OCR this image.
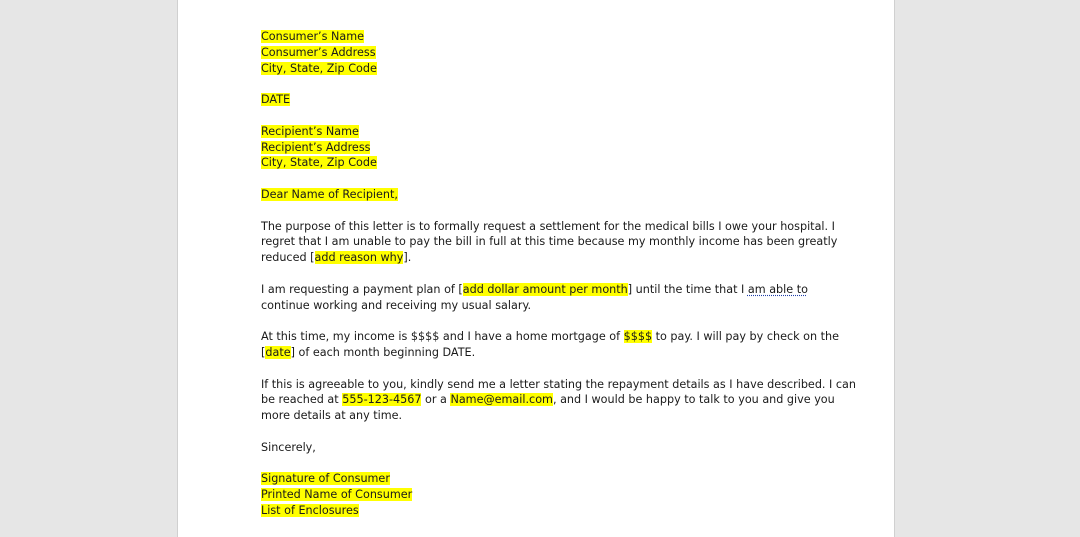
Consumer’s Name
Consumer’s Address
City, State, Zip Code
DATE
Recipient’s Name
Recipient’s Address
City, State, Zip Code
Dear Name of Recipient,
The purpose of this letter is to formally request a settlement for the medical bills I owe your hospital. I
regret that I am unable to pay the bill in full at this time because my monthly income has been greatly
reduced [add reason why].
I am requesting a payment plan of [add dollar amount per month] until the time that I am able to
continue working and receiving my usual salary.
At this time, my income is $$$$ and I have a home mortgage of $$$$ to pay. I will pay by check on the
[date] of each month beginning DATE.
If this is agreeable to you, kindly send me a letter stating the repayment details as I have described. I can
be reached at 555-123-4567 or a Name@email.com, and I would be happy to talk to you and give you
more details at any time.
Sincerely,
Signature of Consumer
Printed Name of Consumer
List of Enclosures
